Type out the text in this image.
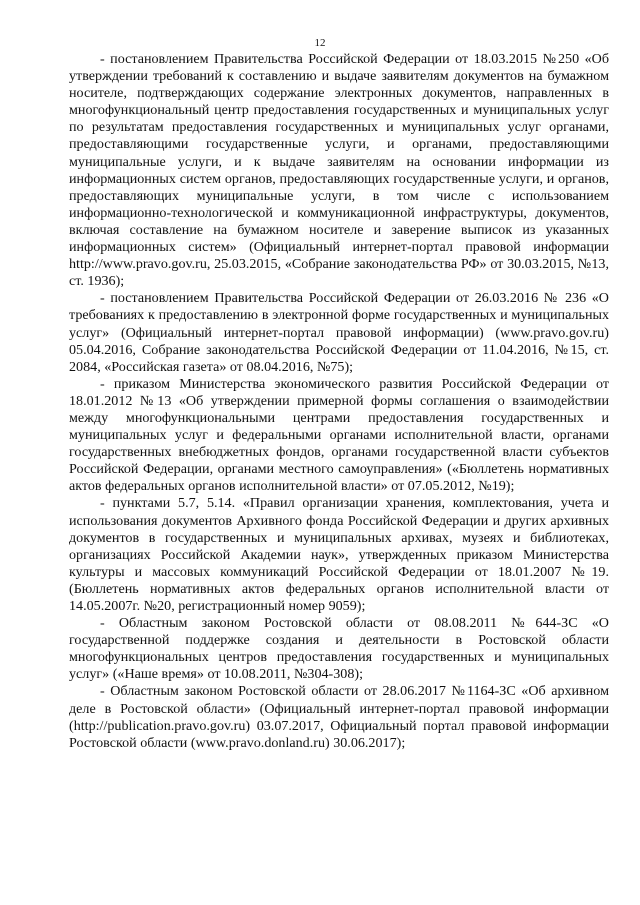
12

- постановлением Правительства Российской Федерации от 18.03.2015 №250 «Об утверждении требований к составлению и выдаче заявителям документов на бумажном носителе, подтверждающих содержание электронных документов, направленных в многофункциональный центр предоставления государственных и муниципальных услуг по результатам предоставления государственных и муниципальных услуг органами, предоставляющими государственные услуги, и органами, предоставляющими муниципальные услуги, и к выдаче заявителям на основании информации из информационных систем органов, предоставляющих государственные услуги, и органов, предоставляющих муниципальные услуги, в том числе с использованием информационно-технологической и коммуникационной инфраструктуры, документов, включая составление на бумажном носителе и заверение выписок из указанных информационных систем» (Официальный интернет-портал правовой информации http://www.pravo.gov.ru, 25.03.2015, «Собрание законодательства РФ» от 30.03.2015, №13, ст. 1936);

- постановлением Правительства Российской Федерации от 26.03.2016 № 236 «О требованиях к предоставлению в электронной форме государственных и муниципальных услуг» (Официальный интернет-портал правовой информации) (www.pravo.gov.ru) 05.04.2016, Собрание законодательства Российской Федерации от 11.04.2016, №15, ст. 2084, «Российская газета» от 08.04.2016, №75);

- приказом Министерства экономического развития Российской Федерации от 18.01.2012 №13 «Об утверждении примерной формы соглашения о взаимодействии между многофункциональными центрами предоставления государственных и муниципальных услуг и федеральными органами исполнительной власти, органами государственных внебюджетных фондов, органами государственной власти субъектов Российской Федерации, органами местного самоуправления» («Бюллетень нормативных актов федеральных органов исполнительной власти» от 07.05.2012, №19);

- пунктами 5.7, 5.14. «Правил организации хранения, комплектования, учета и использования документов Архивного фонда Российской Федерации и других архивных документов в государственных и муниципальных архивах, музеях и библиотеках, организациях Российской Академии наук», утвержденных приказом Министерства культуры и массовых коммуникаций Российской Федерации от 18.01.2007 №19. (Бюллетень нормативных актов федеральных органов исполнительной власти от 14.05.2007г. №20, регистрационный номер 9059);

- Областным законом Ростовской области от 08.08.2011 №644-ЗС «О государственной поддержке создания и деятельности в Ростовской области многофункциональных центров предоставления государственных и муниципальных услуг» («Наше время» от 10.08.2011, №304-308);

- Областным законом Ростовской области от 28.06.2017 №1164-ЗС «Об архивном деле в Ростовской области» (Официальный интернет-портал правовой информации (http://publication.pravo.gov.ru) 03.07.2017, Официальный портал правовой информации Ростовской области (www.pravo.donland.ru) 30.06.2017);
